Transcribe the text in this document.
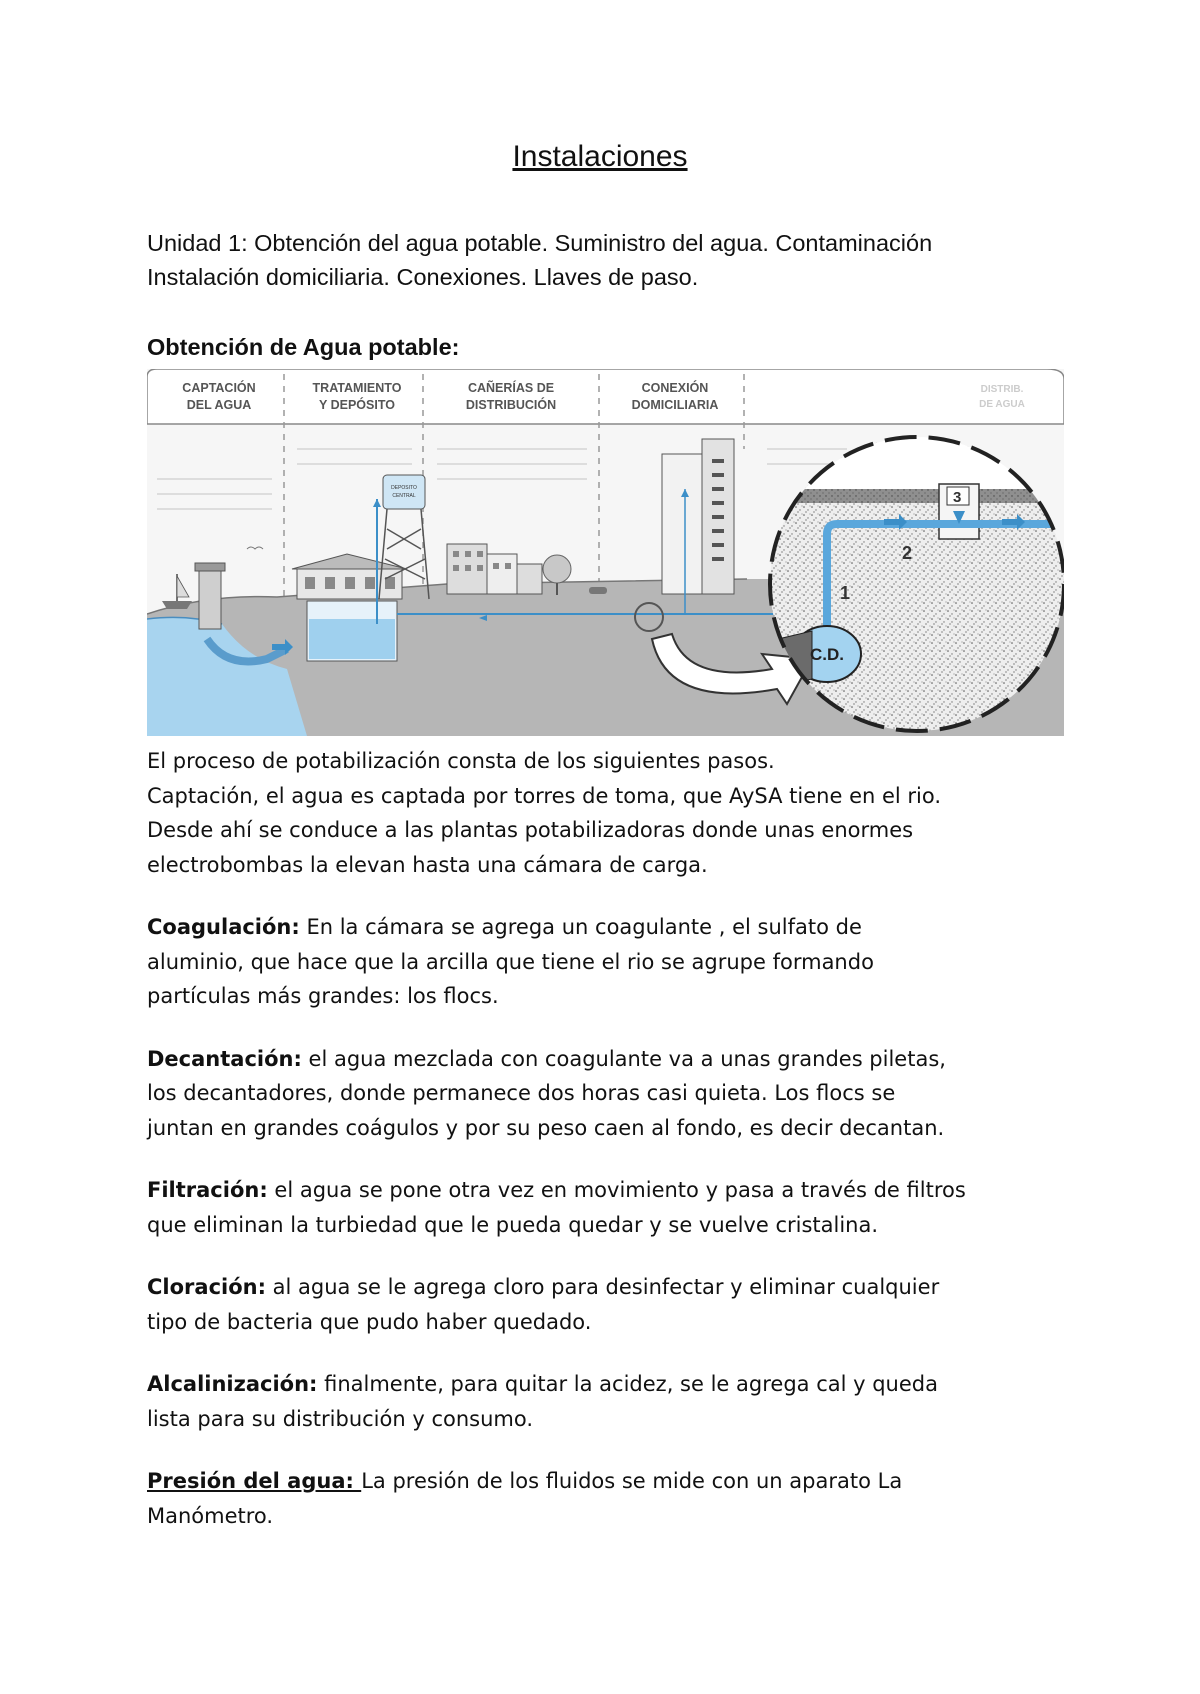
Instalaciones
Unidad 1: Obtención del agua potable. Suministro del agua. Contaminación
Instalación domiciliaria. Conexiones. Llaves de paso.
Obtención de Agua potable:
CAPTACIÓN
DEL AGUA
TRATAMIENTO
Y DEPÓSITO
CAÑERÍAS DE
DISTRIBUCIÓN
CONEXIÓN
DOMICILIARIA
DISTRIB.
DE AGUA
DEPOSITO
CENTRAL
C.D.
1
2
3

El proceso de potabilización consta de los siguientes pasos.
Captación, el agua es captada por torres de toma, que AySA tiene en el rio.
Desde ahí se conduce a las plantas potabilizadoras donde unas enormes
electrobombas la elevan hasta una cámara de carga.

Coagulación: En la cámara se agrega un coagulante , el sulfato de
aluminio, que hace que la arcilla que tiene el rio se agrupe formando
partículas más grandes: los flocs.

Decantación: el agua mezclada con coagulante va a unas grandes piletas,
los decantadores, donde permanece dos horas casi quieta. Los flocs se
juntan en grandes coágulos y por su peso caen al fondo, es decir decantan.

Filtración: el agua se pone otra vez en movimiento y pasa a través de filtros
que eliminan la turbiedad que le pueda quedar y se vuelve cristalina.

Cloración: al agua se le agrega cloro para desinfectar y eliminar cualquier
tipo de bacteria que pudo haber quedado.

Alcalinización: finalmente, para quitar la acidez, se le agrega cal y queda
lista para su distribución y consumo.

Presión del agua: La presión de los fluidos se mide con un aparato La
Manómetro.
